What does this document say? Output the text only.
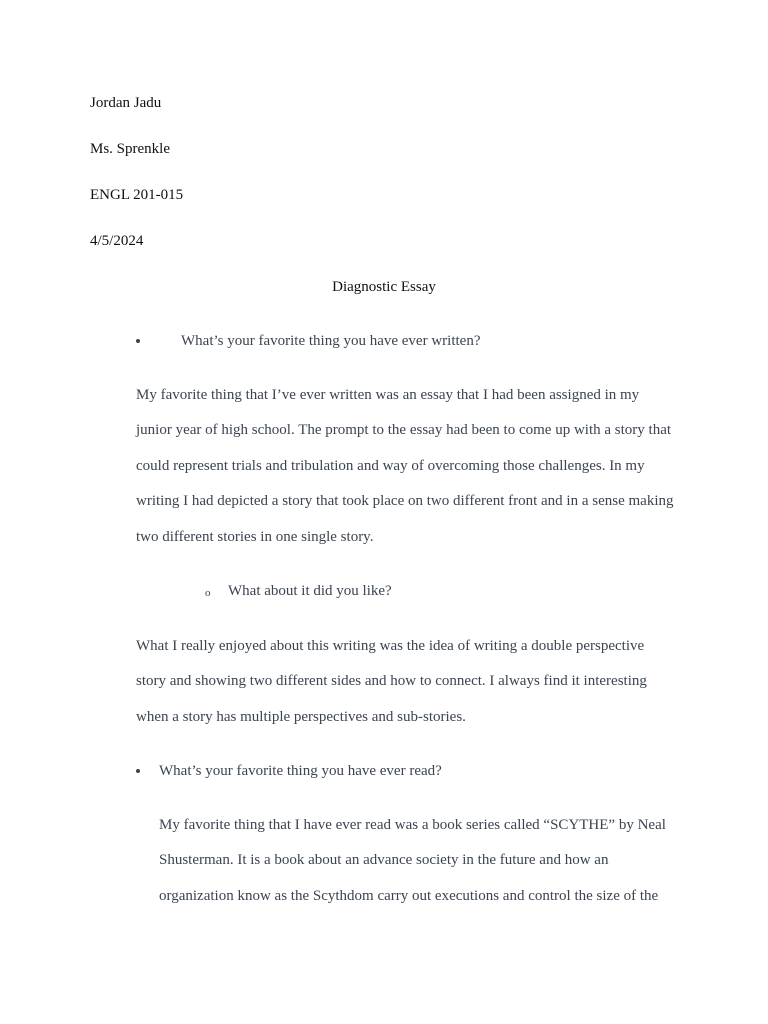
Jordan Jadu
Ms. Sprenkle
ENGL 201-015
4/5/2024
Diagnostic Essay
What’s your favorite thing you have ever written?
My favorite thing that I’ve ever written was an essay that I had been assigned in my
junior year of high school. The prompt to the essay had been to come up with a story that
could represent trials and tribulation and way of overcoming those challenges. In my
writing I had depicted a story that took place on two different front and in a sense making
two different stories in one single story.
o What about it did you like?
What I really enjoyed about this writing was the idea of writing a double perspective
story and showing two different sides and how to connect. I always find it interesting
when a story has multiple perspectives and sub-stories.
What’s your favorite thing you have ever read?
My favorite thing that I have ever read was a book series called “SCYTHE” by Neal
Shusterman. It is a book about an advance society in the future and how an
organization know as the Scythdom carry out executions and control the size of the
